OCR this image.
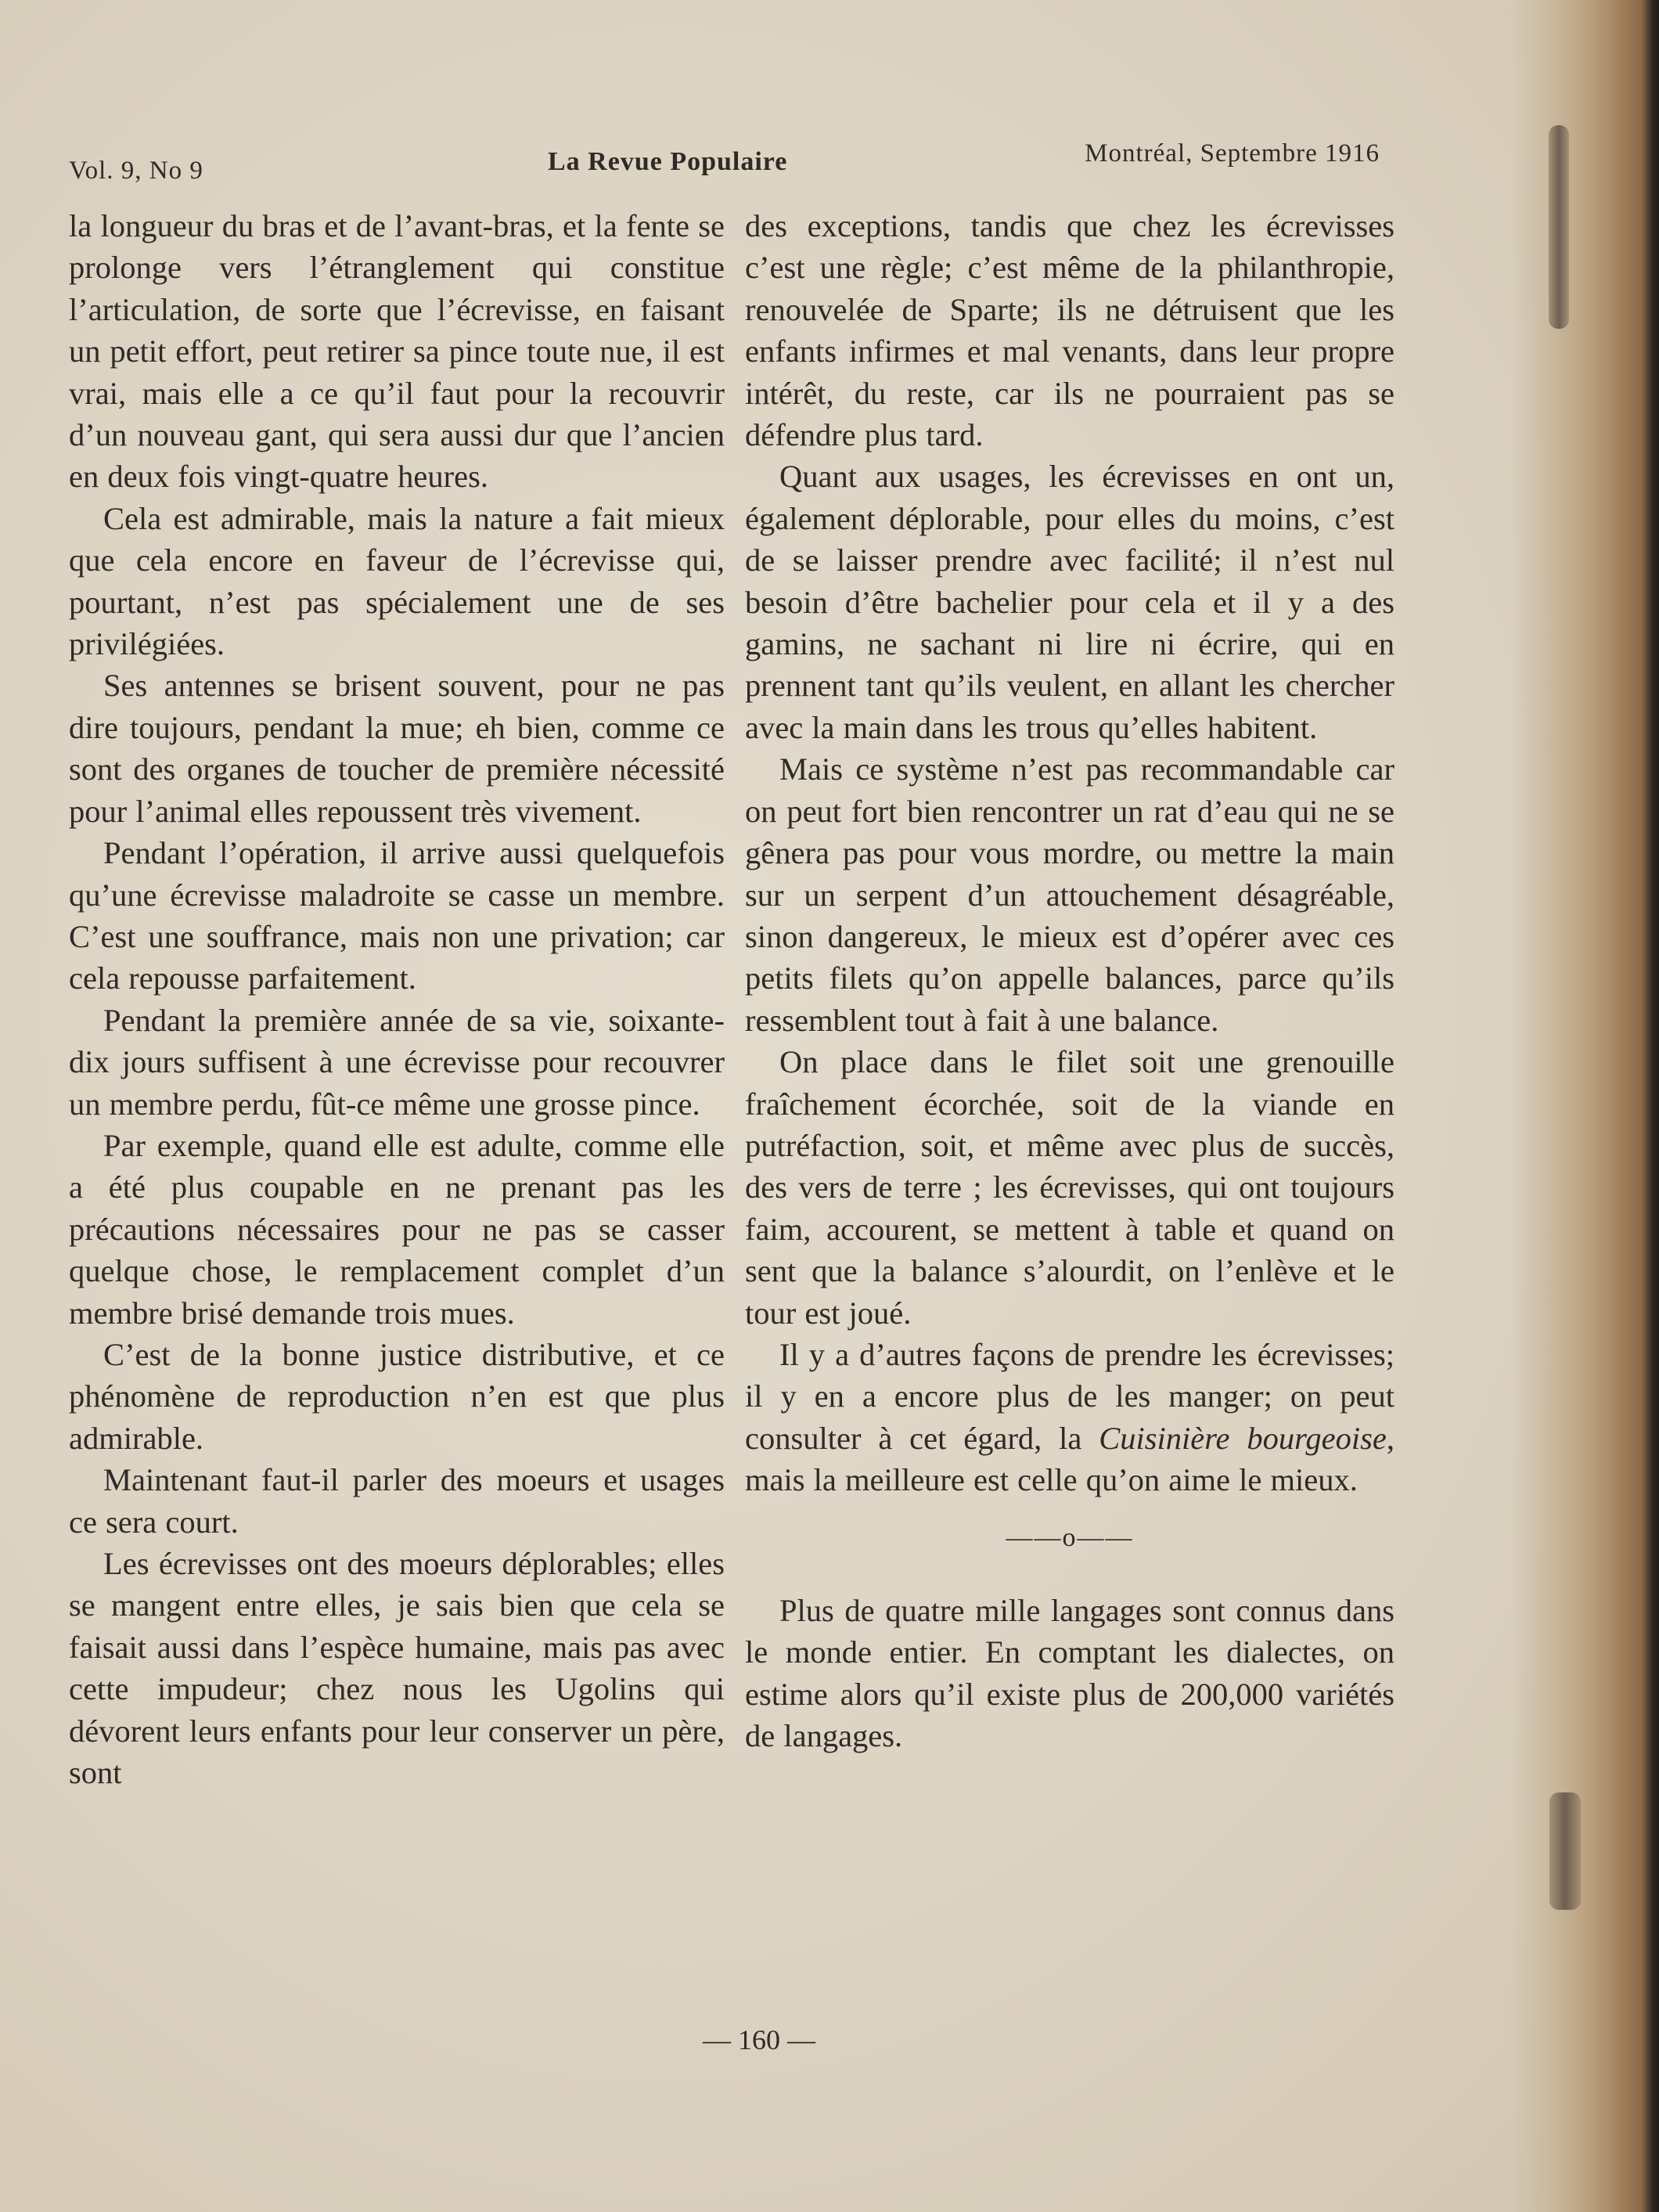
Vol. 9, No 9	La Revue Populaire	Montréal, Septembre 1916

la longueur du bras et de l’avant-bras, et la fente se prolonge vers l’étranglement qui constitue l’articulation, de sorte que l’écrevisse, en faisant un petit effort, peut retirer sa pince toute nue, il est vrai, mais elle a ce qu’il faut pour la recouvrir d’un nouveau gant, qui sera aussi dur que l’ancien en deux fois vingt-quatre heures.

Cela est admirable, mais la nature a fait mieux que cela encore en faveur de l’écrevisse qui, pourtant, n’est pas spécialement une de ses privilégiées.

Ses antennes se brisent souvent, pour ne pas dire toujours, pendant la mue; eh bien, comme ce sont des organes de toucher de première nécessité pour l’animal elles repoussent très vivement.

Pendant l’opération, il arrive aussi quelquefois qu’une écrevisse maladroite se casse un membre. C’est une souffrance, mais non une privation; car cela repousse parfaitement.

Pendant la première année de sa vie, soixante-dix jours suffisent à une écrevisse pour recouvrer un membre perdu, fût-ce même une grosse pince.

Par exemple, quand elle est adulte, comme elle a été plus coupable en ne prenant pas les précautions nécessaires pour ne pas se casser quelque chose, le remplacement complet d’un membre brisé demande trois mues.

C’est de la bonne justice distributive, et ce phénomène de reproduction n’en est que plus admirable.

Maintenant faut-il parler des moeurs et usages ce sera court.

Les écrevisses ont des moeurs déplorables; elles se mangent entre elles, je sais bien que cela se faisait aussi dans l’espèce humaine, mais pas avec cette impudeur; chez nous les Ugolins qui dévorent leurs enfants pour leur conserver un père, sont

des exceptions, tandis que chez les écrevisses c’est une règle; c’est même de la philanthropie, renouvelée de Sparte; ils ne détruisent que les enfants infirmes et mal venants, dans leur propre intérêt, du reste, car ils ne pourraient pas se défendre plus tard.

Quant aux usages, les écrevisses en ont un, également déplorable, pour elles du moins, c’est de se laisser prendre avec facilité; il n’est nul besoin d’être bachelier pour cela et il y a des gamins, ne sachant ni lire ni écrire, qui en prennent tant qu’ils veulent, en allant les chercher avec la main dans les trous qu’elles habitent.

Mais ce système n’est pas recommandable car on peut fort bien rencontrer un rat d’eau qui ne se gênera pas pour vous mordre, ou mettre la main sur un serpent d’un attouchement désagréable, sinon dangereux, le mieux est d’opérer avec ces petits filets qu’on appelle balances, parce qu’ils ressemblent tout à fait à une balance.

On place dans le filet soit une grenouille fraîchement écorchée, soit de la viande en putréfaction, soit, et même avec plus de succès, des vers de terre ; les écrevisses, qui ont toujours faim, accourent, se mettent à table et quand on sent que la balance s’alourdit, on l’enlève et le tour est joué.

Il y a d’autres façons de prendre les écrevisses; il y en a encore plus de les manger; on peut consulter à cet égard, la Cuisinière bourgeoise, mais la meilleure est celle qu’on aime le mieux.

——o——

Plus de quatre mille langages sont connus dans le monde entier. En comptant les dialectes, on estime alors qu’il existe plus de 200,000 variétés de langages.

— 160 —
